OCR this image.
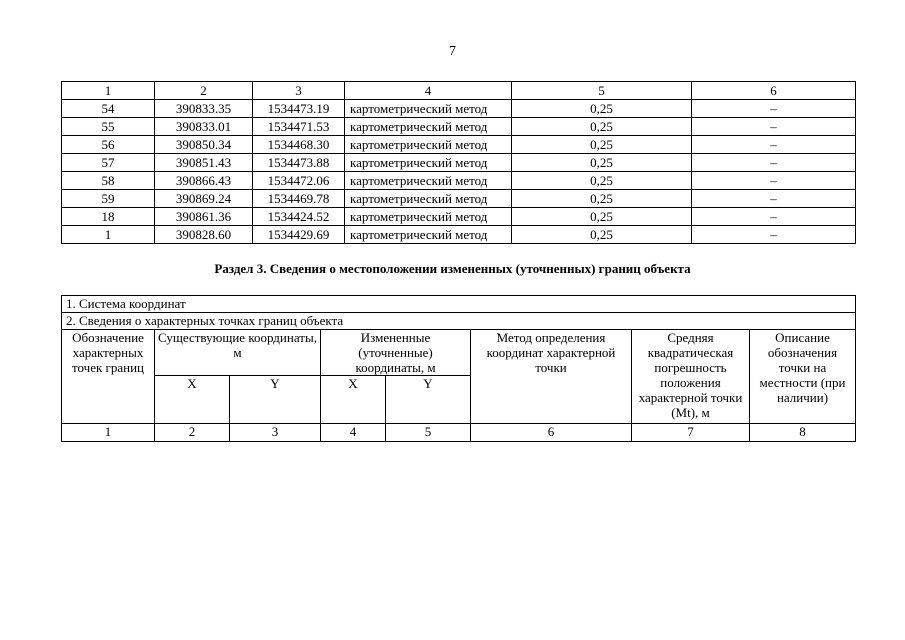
7
1	2	3	4	5	6
54	390833.35	1534473.19	картометрический метод	0,25	–
55	390833.01	1534471.53	картометрический метод	0,25	–
56	390850.34	1534468.30	картометрический метод	0,25	–
57	390851.43	1534473.88	картометрический метод	0,25	–
58	390866.43	1534472.06	картометрический метод	0,25	–
59	390869.24	1534469.78	картометрический метод	0,25	–
18	390861.36	1534424.52	картометрический метод	0,25	–
1	390828.60	1534429.69	картометрический метод	0,25	–
Раздел 3. Сведения о местоположении измененных (уточненных) границ объекта
1. Система координат							
2. Сведения о характерных точках границ объекта							
Обозначение характерных точек границ	Существующие координаты, м		Измененные (уточненные) координаты, м		Метод определения координат характерной точки	Средняя квадратическая погрешность положения характерной точки (Mt), м	Описание обозначения точки на местности (при наличии)
	X	Y	X	Y			
1	2	3	4	5	6	7	8
